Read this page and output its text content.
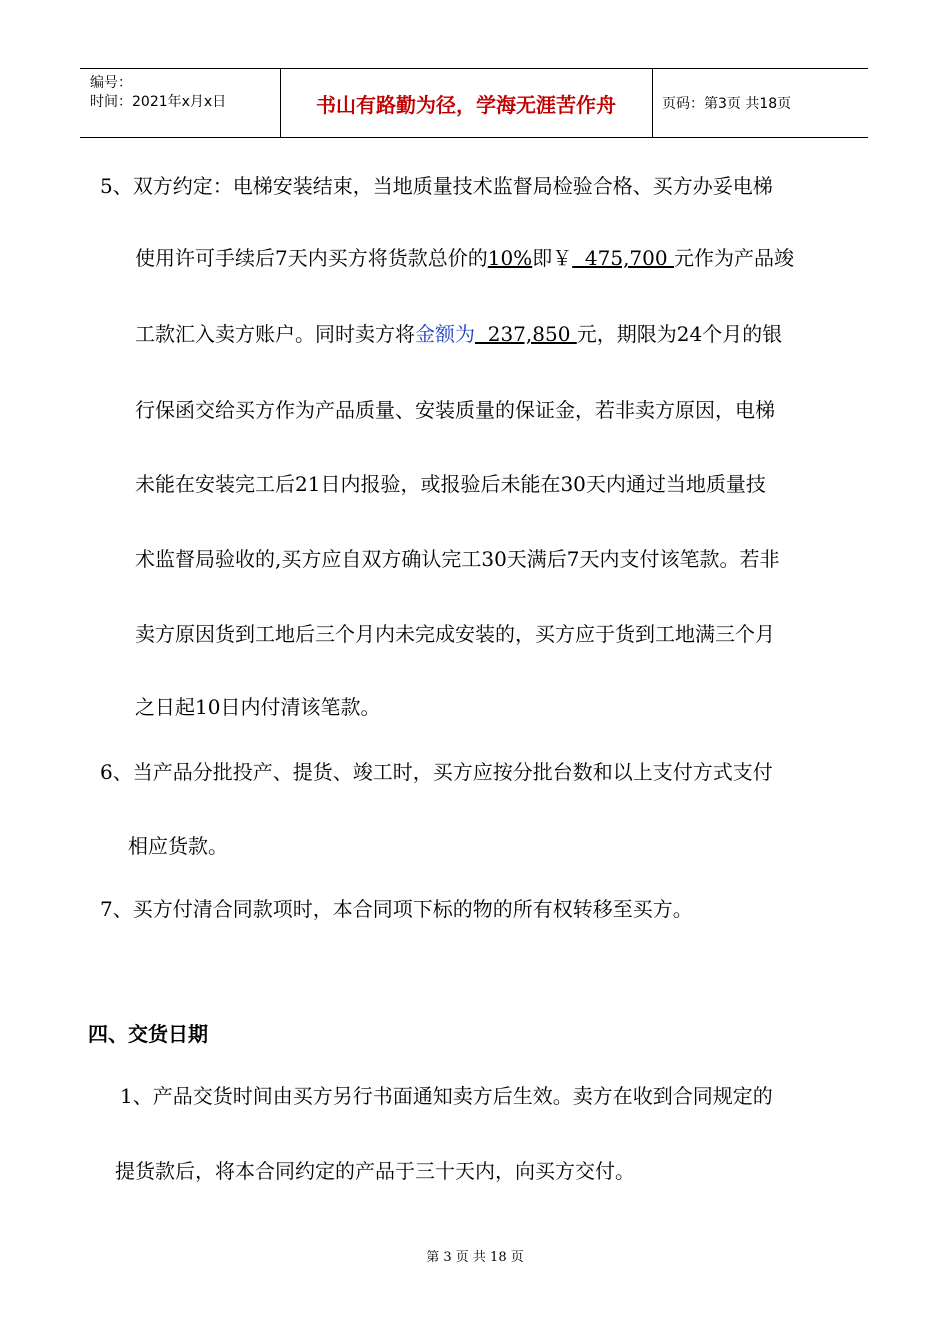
编号：
时间：2021年x月x日	书山有路勤为径，学海无涯苦作舟	页码：第3页 共18页
5、双方约定：电梯安装结束，当地质量技术监督局检验合格、买方办妥电梯
使用许可手续后7天内买方将货款总价的10%即￥  475,700 元作为产品竣
工款汇入卖方账户。同时卖方将金额为  237,850 元，期限为24个月的银
行保函交给买方作为产品质量、安装质量的保证金，若非卖方原因，电梯
未能在安装完工后21日内报验，或报验后未能在30天内通过当地质量技
术监督局验收的,买方应自双方确认完工30天满后7天内支付该笔款。若非
卖方原因货到工地后三个月内未完成安装的，买方应于货到工地满三个月
之日起10日内付清该笔款。
6、当产品分批投产、提货、竣工时，买方应按分批台数和以上支付方式支付
相应货款。
7、买方付清合同款项时，本合同项下标的物的所有权转移至买方。
四、交货日期
1、产品交货时间由买方另行书面通知卖方后生效。卖方在收到合同规定的
提货款后，将本合同约定的产品于三十天内，向买方交付。
第 3 页 共 18 页
